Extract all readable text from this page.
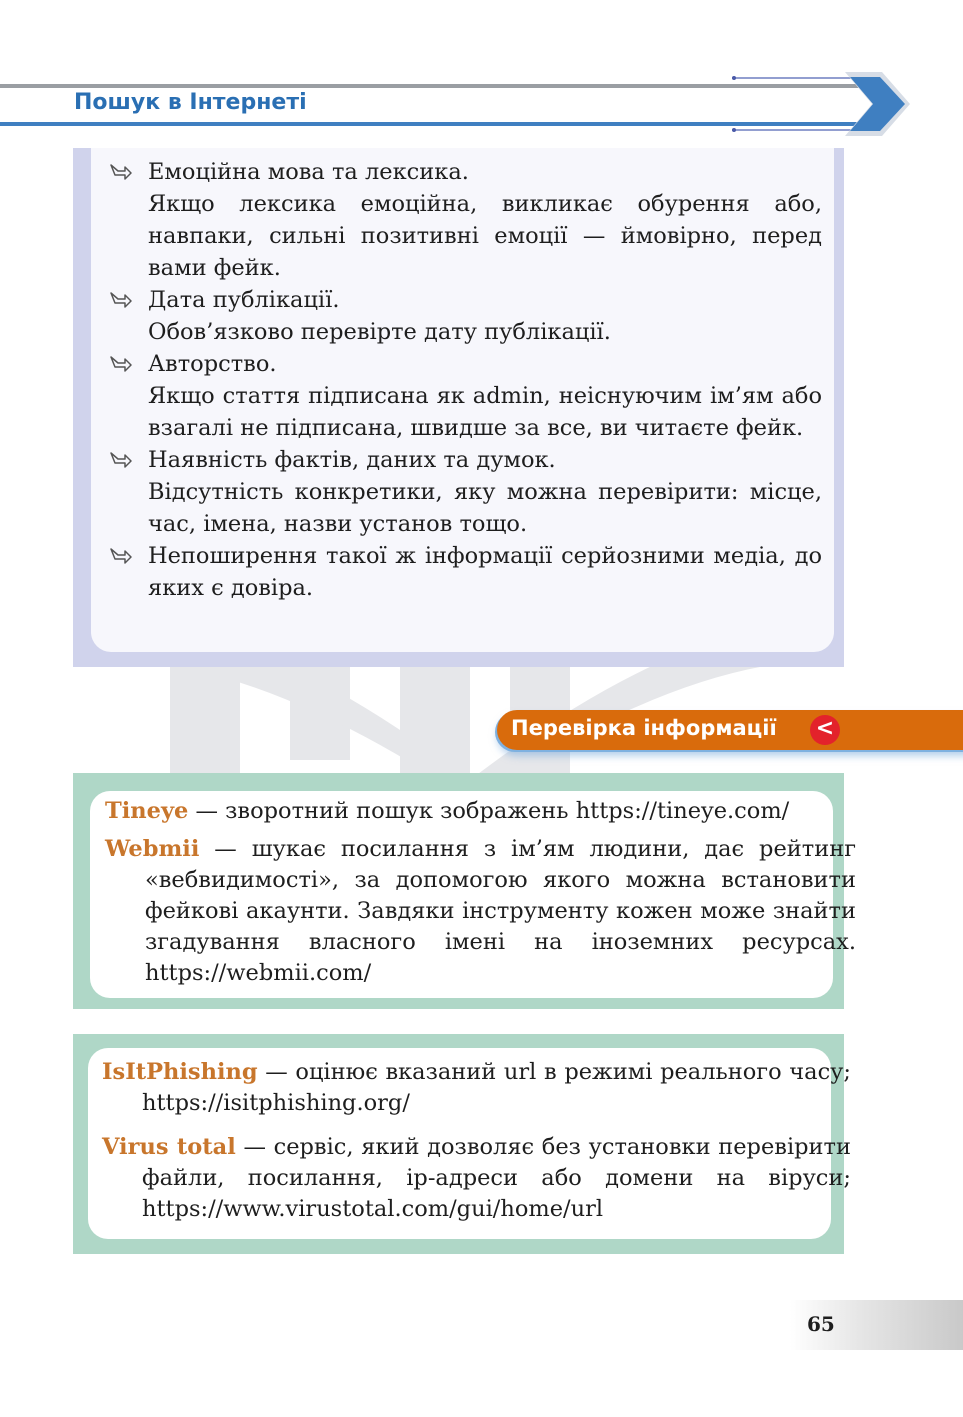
Пошук в Інтернеті
Емоційна мова та лексика.
Якщо лексика емоційна, викликає обурення або, навпаки, сильні позитивні емоції — ймовірно, перед вами фейк.
Дата публікації.
Обов’язково перевірте дату публікації.
Авторство.
Якщо стаття підписана як admin, неіснуючим ім’ям або взагалі не підписана, швидше за все, ви читаєте фейк.
Наявність фактів, даних та думок.
Відсутність конкретики, яку можна перевірити: місце, час, імена, назви установ тощо.
Непоширення такої ж інформації серйозними медіа, до яких є довіра.
Перевірка інформації <
Tineye — зворотний пошук зображень https://tineye.com/
Webmii — шукає посилання з ім’ям людини, дає рейтинг «вебвидимості», за допомогою якого можна встановити фейкові акаунти. Завдяки інструменту кожен може знайти згадування власного імені на іноземних ресурсах. https://webmii.com/
IsItPhishing — оцінює вказаний url в режимі реального часу; https://isitphishing.org/
Virus total — сервіс, який дозволяє без установки перевірити файли, посилання, ip-адреси або домени на віруси; https://www.virustotal.com/gui/home/url
65
